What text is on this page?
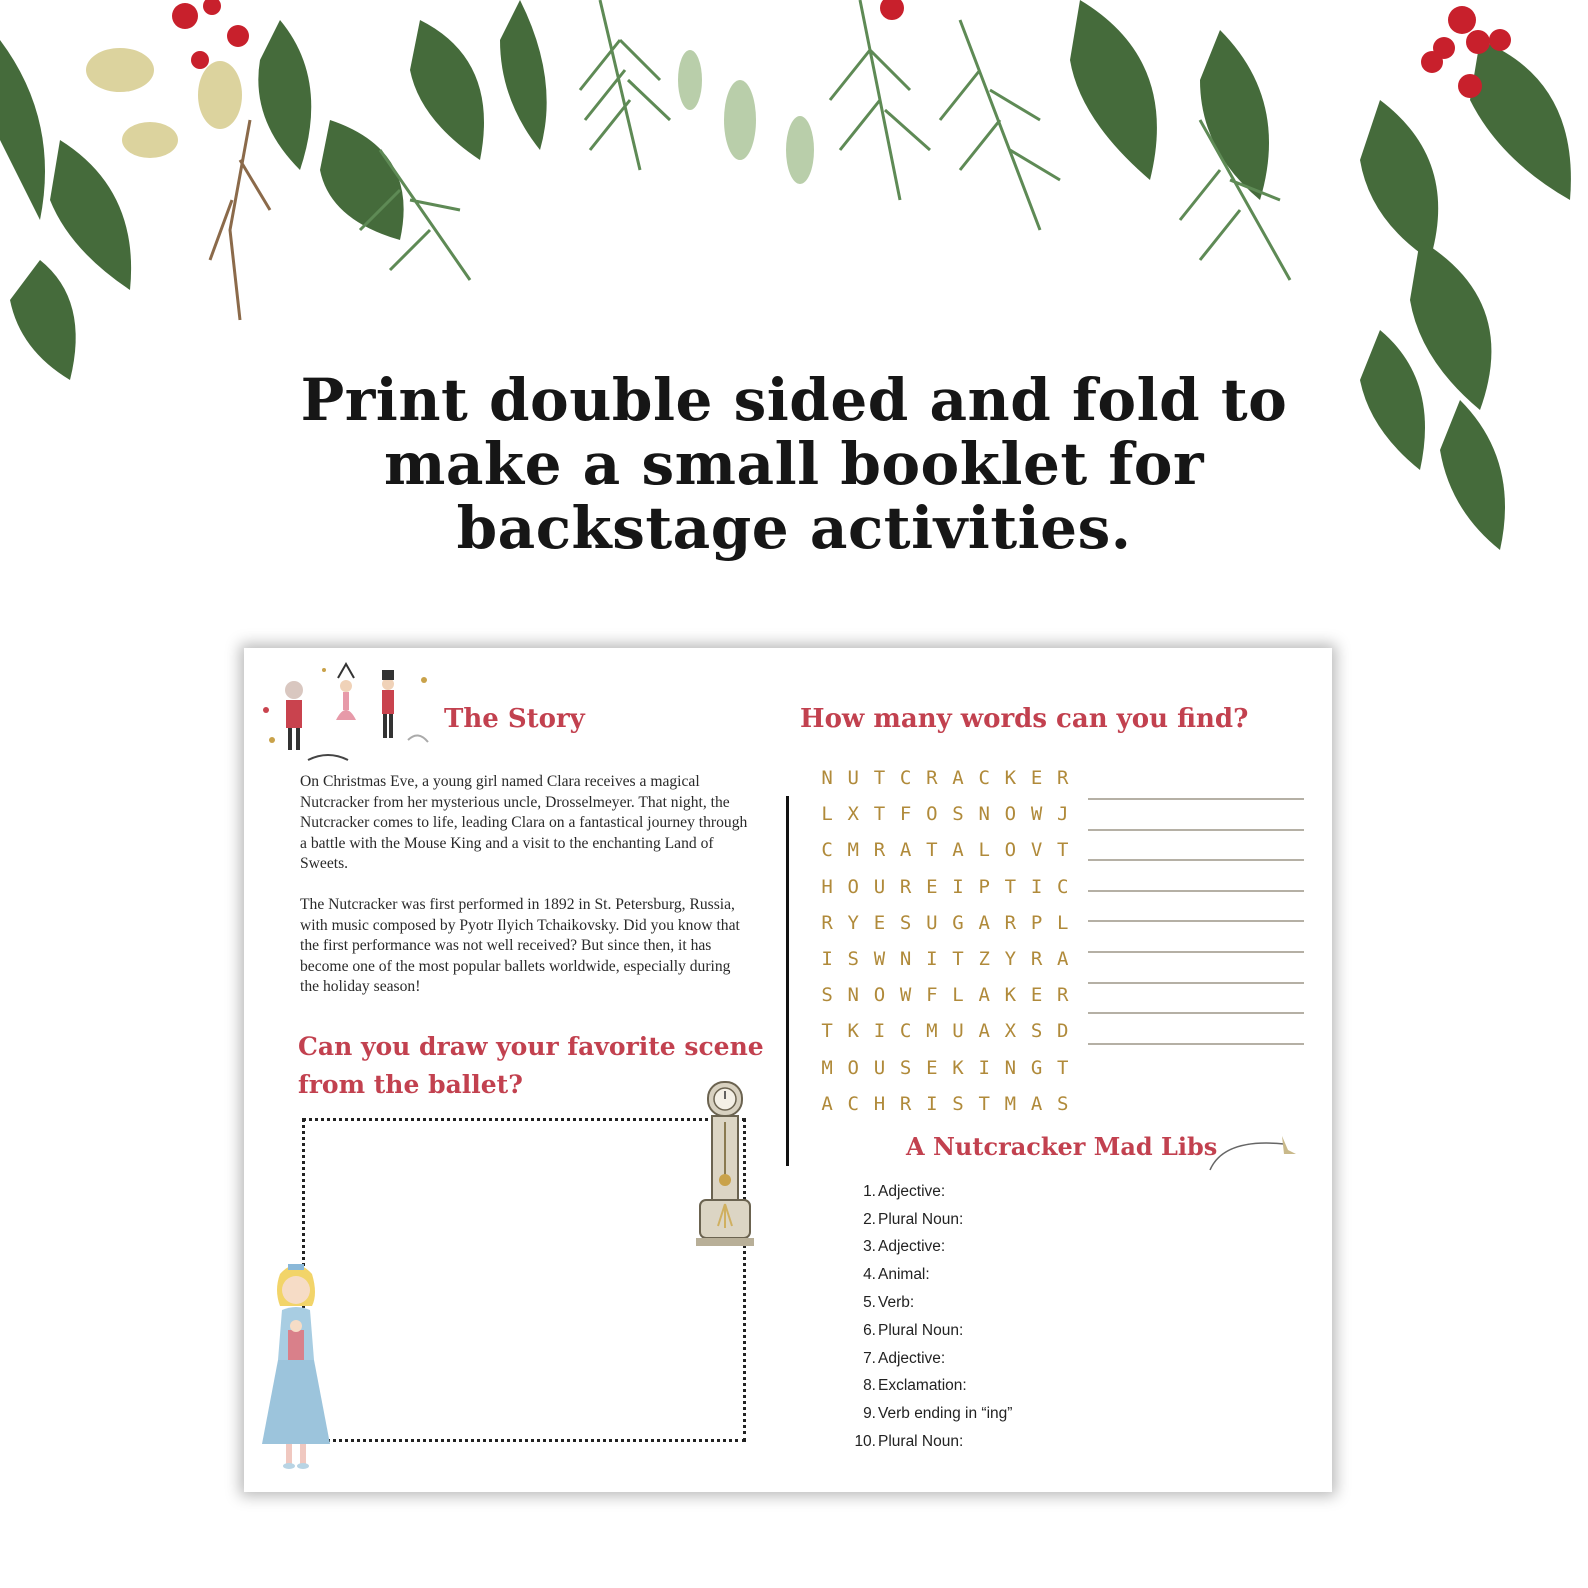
Print double sided and fold to
make a small booklet for
backstage activities.
The Story

On Christmas Eve, a young girl named Clara receives a magical Nutcracker from her mysterious uncle, Drosselmeyer. That night, the Nutcracker comes to life, leading Clara on a fantastical journey through a battle with the Mouse King and a visit to the enchanting Land of Sweets.

The Nutcracker was first performed in 1892 in St. Petersburg, Russia, with music composed by Pyotr Ilyich Tchaikovsky. Did you know that the first performance was not well received? But since then, it has become one of the most popular ballets worldwide, especially during the holiday season!

Can you draw your favorite scene
from the ballet?
How many words can you find?
N U T C R A C K E R
L X T F O S N O W J
C M R A T A L O V T
H O U R E I P T I C
R Y E S U G A R P L
I S W N I T Z Y R A
S N O W F L A K E R
T K I C M U A X S D
M O U S E K I N G T
A C H R I S T M A S
A Nutcracker Mad Libs
1. Adjective:
2. Plural Noun:
3. Adjective:
4. Animal:
5. Verb:
6. Plural Noun:
7. Adjective:
8. Exclamation:
9. Verb ending in “ing”
10. Plural Noun:
